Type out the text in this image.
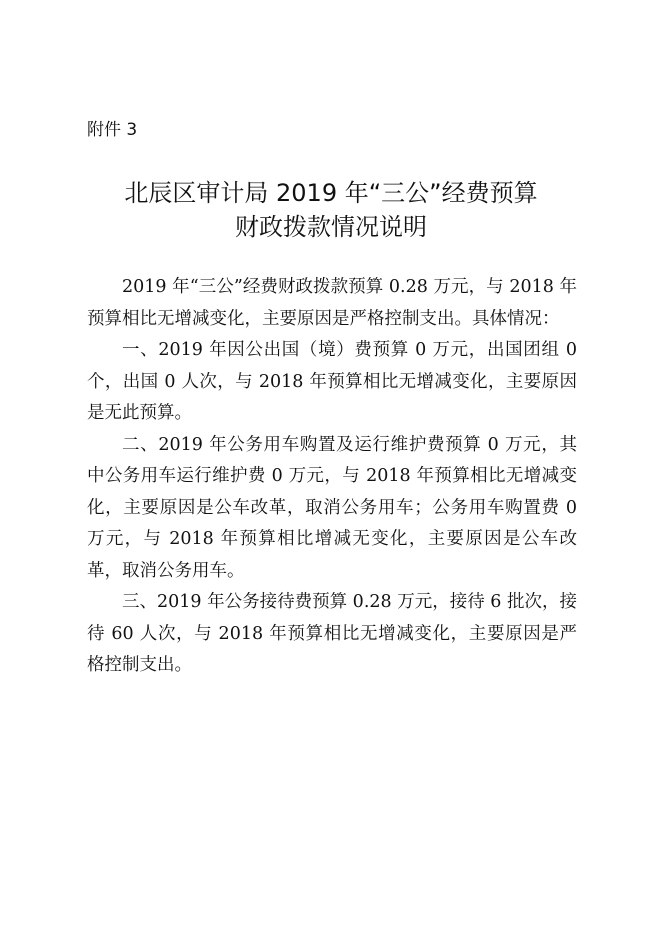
附件 3
北辰区审计局 2019 年“三公”经费预算
财政拨款情况说明

2019 年“三公”经费财政拨款预算 0.28 万元，与 2018 年预算相比无增减变化，主要原因是严格控制支出。具体情况：

一、2019 年因公出国（境）费预算 0 万元，出国团组 0 个，出国 0 人次，与 2018 年预算相比无增减变化，主要原因是无此预算。

二、2019 年公务用车购置及运行维护费预算 0 万元，其中公务用车运行维护费 0 万元，与 2018 年预算相比无增减变化，主要原因是公车改革，取消公务用车；公务用车购置费 0 万元，与 2018 年预算相比增减无变化，主要原因是公车改革，取消公务用车。

三、2019 年公务接待费预算 0.28 万元，接待 6 批次，接待 60 人次，与 2018 年预算相比无增减变化，主要原因是严格控制支出。
